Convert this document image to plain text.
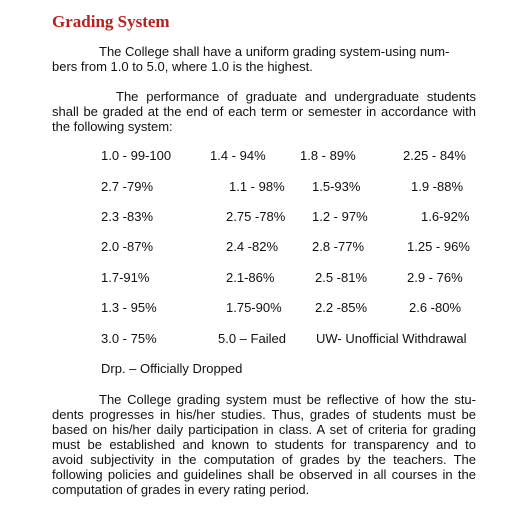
Grading System
The College shall have a uniform grading system-using num-
bers from 1.0 to 5.0, where 1.0 is the highest.
The performance of graduate and undergraduate students
shall be graded at the end of each term or semester in accordance with
the following system:
1.0 - 99-100	1.4 - 94%	1.8 - 89%	2.25 - 84%
2.7 -79%	1.1 - 98% 1.5-93%	1.9 -88%
2.3 -83%	2.75 -78% 1.2 - 97%	1.6-92%
2.0 -87%	2.4 -82%	2.8 -77%	1.25 - 96%
1.7-91%	2.1-86%	2.5 -81%	2.9 - 76%
1.3 - 95%	1.75-90%	2.2 -85%	2.6 -80%
3.0 - 75%	5.0 – Failed UW- Unofficial Withdrawal
Drp. – Officially Dropped
The College grading system must be reflective of how the stu-
dents progresses in his/her studies. Thus, grades of students must be
based on his/her daily participation in class. A set of criteria for grading
must be established and known to students for transparency and to
avoid subjectivity in the computation of grades by the teachers. The
following policies and guidelines shall be observed in all courses in the
computation of grades in every rating period.
